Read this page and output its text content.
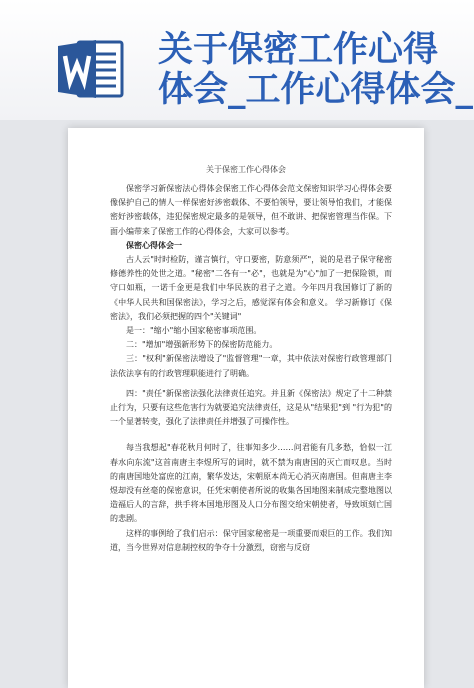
关于保密工作心得
体会_工作心得体会_
关于保密工作心得体会

保密学习新保密法心得体会保密工作心得体会范文保密知识学习心得体会要像保护自己的情人一样保密好涉密载体、不要怕领导，要让领导怕我们，才能保密好涉密载体，违犯保密规定最多的是领导，但不敢讲、把保密管理当作保。下面小编带来了保密工作的心得体会，大家可以参考。

保密心得体会一

古人云"时时检防，谨言慎行，守口要密，防意须严"，说的是君子保守秘密修德养性的处世之道。"秘密"二各有一"必"，也就是为"心"加了一把保险锁，而守口如瓶，一诺千金更是我们中华民族的君子之道。今年四月我国修订了新的《中华人民共和国保密法》，学习之后，感觉深有体会和意义。 学习新修订《保密法》，我们必须把握的四个"关键词"

是一："缩小"缩小国家秘密事项范围。

二："增加"增强新形势下的保密防范能力。

三："权利"新保密法增设了"监督管理"一章，其中依法对保密行政管理部门法依法享有的行政管理职能进行了明确。

四："责任"新保密法强化法律责任追究。并且新《保密法》规定了十二种禁止行为，只要有这些危害行为就要追究法律责任，这是从"结果犯"到 "行为犯"的一个显著转变，强化了法律责任并增强了可操作性。

每当我想起"春花秋月何时了，往事知多少……问君能有几多愁，恰似一江春水向东流"这首南唐主李煜所写的词时，就不禁为南唐国的灭亡而叹息。当时的南唐国地处富庶的江南，繁华发达，宋朝原本尚无心消灭南唐国。但南唐主李煜却没有丝毫的保密意识，任凭宋朝使者所说的收集各国地图来制成完整地图以造福后人的言辞，拱手将本国地形图及人口分布图交给宋朝使者，导致顷刻亡国的悲剧。

这样的事例给了我们启示：保守国家秘密是一项重要而艰巨的工作。我们知道，当今世界对信息制控权的争夺十分激烈，窃密与反窃
